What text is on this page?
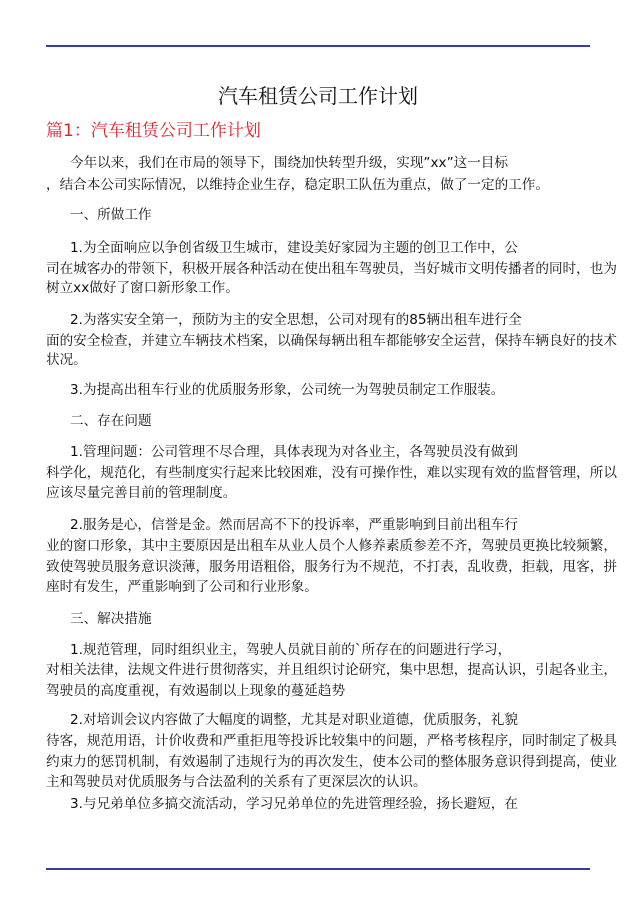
汽车租赁公司工作计划
篇1：汽车租赁公司工作计划
今年以来，我们在市局的领导下，围绕加快转型升级，实现”xx”这一目标
，结合本公司实际情况，以维持企业生存，稳定职工队伍为重点，做了一定的工作。
一、所做工作
1.为全面响应以争创省级卫生城市，建设美好家园为主题的创卫工作中，公
司在城客办的带领下，积极开展各种活动在使出租车驾驶员，当好城市文明传播者的同时，也为
树立xx做好了窗口新形象工作。
2.为落实安全第一，预防为主的安全思想，公司对现有的85辆出租车进行全
面的安全检查，并建立车辆技术档案，以确保每辆出租车都能够安全运营，保持车辆良好的技术
状况。
3.为提高出租车行业的优质服务形象，公司统一为驾驶员制定工作服装。
二、存在问题
1.管理问题：公司管理不尽合理，具体表现为对各业主，各驾驶员没有做到
科学化，规范化，有些制度实行起来比较困难，没有可操作性，难以实现有效的监督管理，所以
应该尽量完善目前的管理制度。
2.服务是心，信誉是金。然而居高不下的投诉率，严重影响到目前出租车行
业的窗口形象，其中主要原因是出租车从业人员个人修养素质参差不齐，驾驶员更换比较频繁，
致使驾驶员服务意识淡薄，服务用语粗俗，服务行为不规范，不打表，乱收费，拒载，甩客，拼
座时有发生，严重影响到了公司和行业形象。
三、解决措施
1.规范管理，同时组织业主，驾驶人员就目前的`所存在的问题进行学习，
对相关法律，法规文件进行贯彻落实，并且组织讨论研究，集中思想，提高认识，引起各业主，
驾驶员的高度重视，有效遏制以上现象的蔓延趋势
2.对培训会议内容做了大幅度的调整，尤其是对职业道德，优质服务，礼貌
待客，规范用语，计价收费和严重拒甩等投诉比较集中的问题，严格考核程序，同时制定了极具
约束力的惩罚机制，有效遏制了违规行为的再次发生，使本公司的整体服务意识得到提高，使业
主和驾驶员对优质服务与合法盈利的关系有了更深层次的认识。
3.与兄弟单位多搞交流活动，学习兄弟单位的先进管理经验，扬长避短，在
